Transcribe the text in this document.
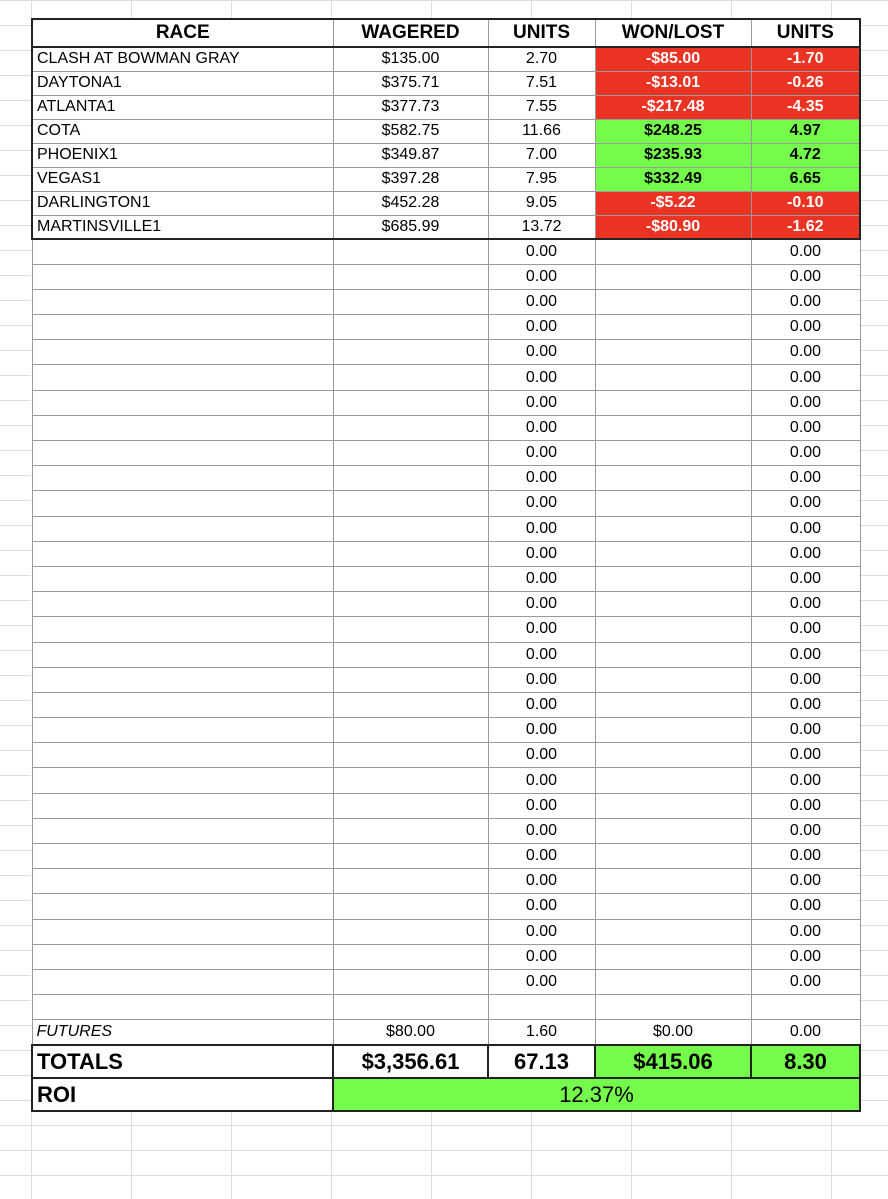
RACE	WAGERED	UNITS	WON/LOST	UNITS
CLASH AT BOWMAN GRAY	$135.00	2.70	-$85.00	-1.70
DAYTONA1	$375.71	7.51	-$13.01	-0.26
ATLANTA1	$377.73	7.55	-$217.48	-4.35
COTA	$582.75	11.66	$248.25	4.97
PHOENIX1	$349.87	7.00	$235.93	4.72
VEGAS1	$397.28	7.95	$332.49	6.65
DARLINGTON1	$452.28	9.05	-$5.22	-0.10
MARTINSVILLE1	$685.99	13.72	-$80.90	-1.62
		0.00		0.00
		0.00		0.00
		0.00		0.00
		0.00		0.00
		0.00		0.00
		0.00		0.00
		0.00		0.00
		0.00		0.00
		0.00		0.00
		0.00		0.00
		0.00		0.00
		0.00		0.00
		0.00		0.00
		0.00		0.00
		0.00		0.00
		0.00		0.00
		0.00		0.00
		0.00		0.00
		0.00		0.00
		0.00		0.00
		0.00		0.00
		0.00		0.00
		0.00		0.00
		0.00		0.00
		0.00		0.00
		0.00		0.00
		0.00		0.00
		0.00		0.00
		0.00		0.00
		0.00		0.00

FUTURES	$80.00	1.60	$0.00	0.00
TOTALS	$3,356.61	67.13	$415.06	8.30
ROI	12.37%			
